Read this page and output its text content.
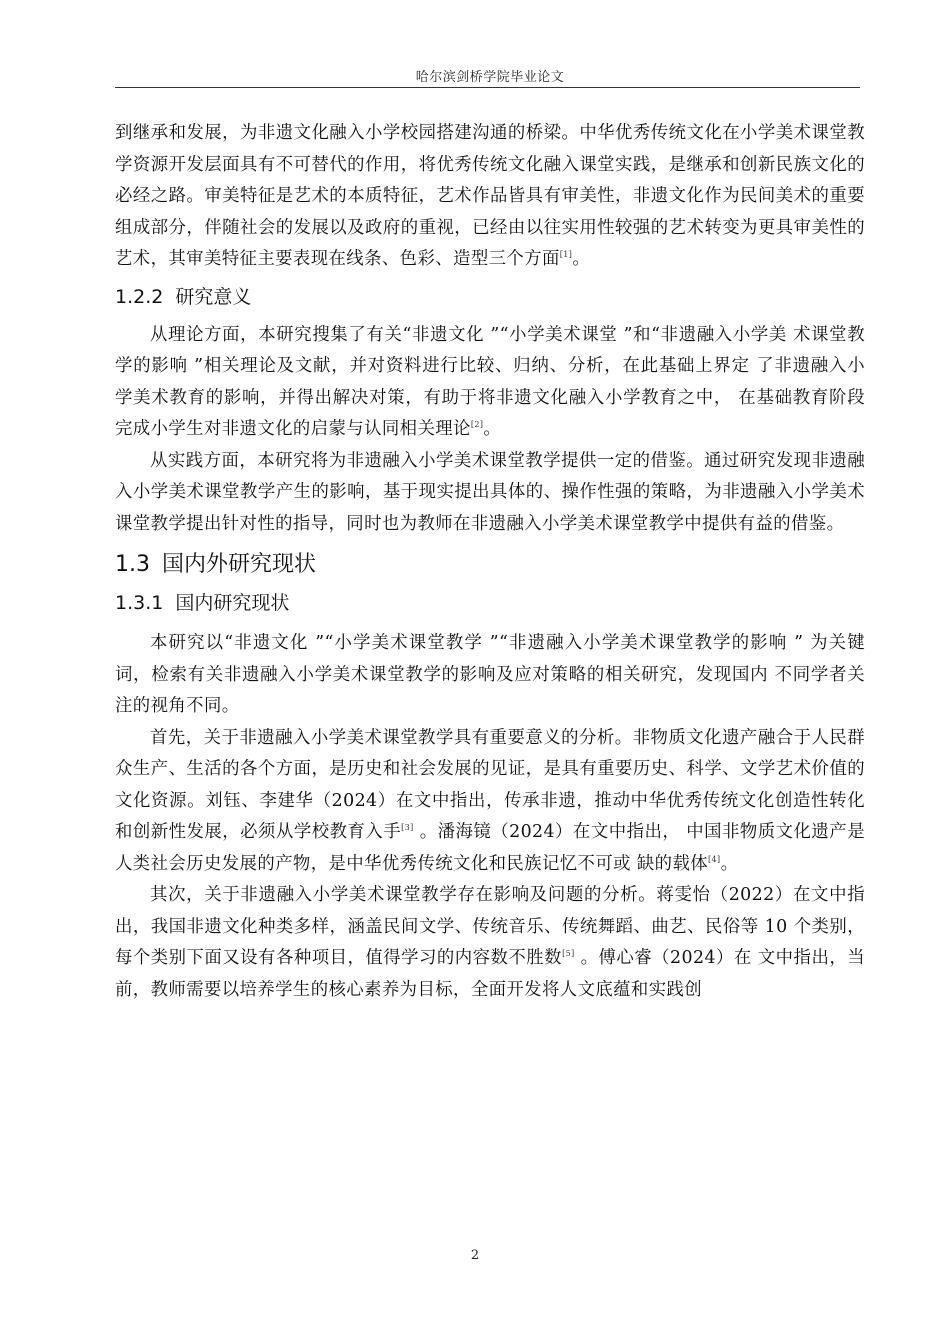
哈尔滨剑桥学院毕业论文

到继承和发展，为非遗文化融入小学校园搭建沟通的桥梁。中华优秀传统文化在小学美术课堂教学资源开发层面具有不可替代的作用，将优秀传统文化融入课堂实践，是继承和创新民族文化的必经之路。审美特征是艺术的本质特征，艺术作品皆具有审美性，非遗文化作为民间美术的重要组成部分，伴随社会的发展以及政府的重视，已经由以往实用性较强的艺术转变为更具审美性的艺术，其审美特征主要表现在线条、色彩、造型三个方面[1]。

1.2.2 研究意义

从理论方面，本研究搜集了有关“非遗文化 ”“小学美术课堂 ”和“非遗融入小学美 术课堂教学的影响 ”相关理论及文献，并对资料进行比较、归纳、分析，在此基础上界定 了非遗融入小学美术教育的影响，并得出解决对策，有助于将非遗文化融入小学教育之中， 在基础教育阶段完成小学生对非遗文化的启蒙与认同相关理论[2]。

从实践方面，本研究将为非遗融入小学美术课堂教学提供一定的借鉴。通过研究发现非遗融入小学美术课堂教学产生的影响，基于现实提出具体的、操作性强的策略，为非遗融入小学美术课堂教学提出针对性的指导，同时也为教师在非遗融入小学美术课堂教学中提供有益的借鉴。

1.3 国内外研究现状
1.3.1 国内研究现状

本研究以“非遗文化 ”“小学美术课堂教学 ”“非遗融入小学美术课堂教学的影响 ” 为关键词，检索有关非遗融入小学美术课堂教学的影响及应对策略的相关研究，发现国内 不同学者关注的视角不同。

首先，关于非遗融入小学美术课堂教学具有重要意义的分析。非物质文化遗产融合于人民群众生产、生活的各个方面，是历史和社会发展的见证，是具有重要历史、科学、文学艺术价值的文化资源。刘钰、李建华（2024）在文中指出，传承非遗，推动中华优秀传统文化创造性转化和创新性发展，必须从学校教育入手[3] 。潘海镜（2024）在文中指出， 中国非物质文化遗产是人类社会历史发展的产物，是中华优秀传统文化和民族记忆不可或 缺的载体[4]。

其次，关于非遗融入小学美术课堂教学存在影响及问题的分析。蒋雯怡（2022）在文中指出，我国非遗文化种类多样，涵盖民间文学、传统音乐、传统舞蹈、曲艺、民俗等 10 个类别，每个类别下面又设有各种项目，值得学习的内容数不胜数[5] 。傅心睿（2024）在 文中指出，当前，教师需要以培养学生的核心素养为目标，全面开发将人文底蕴和实践创

2
